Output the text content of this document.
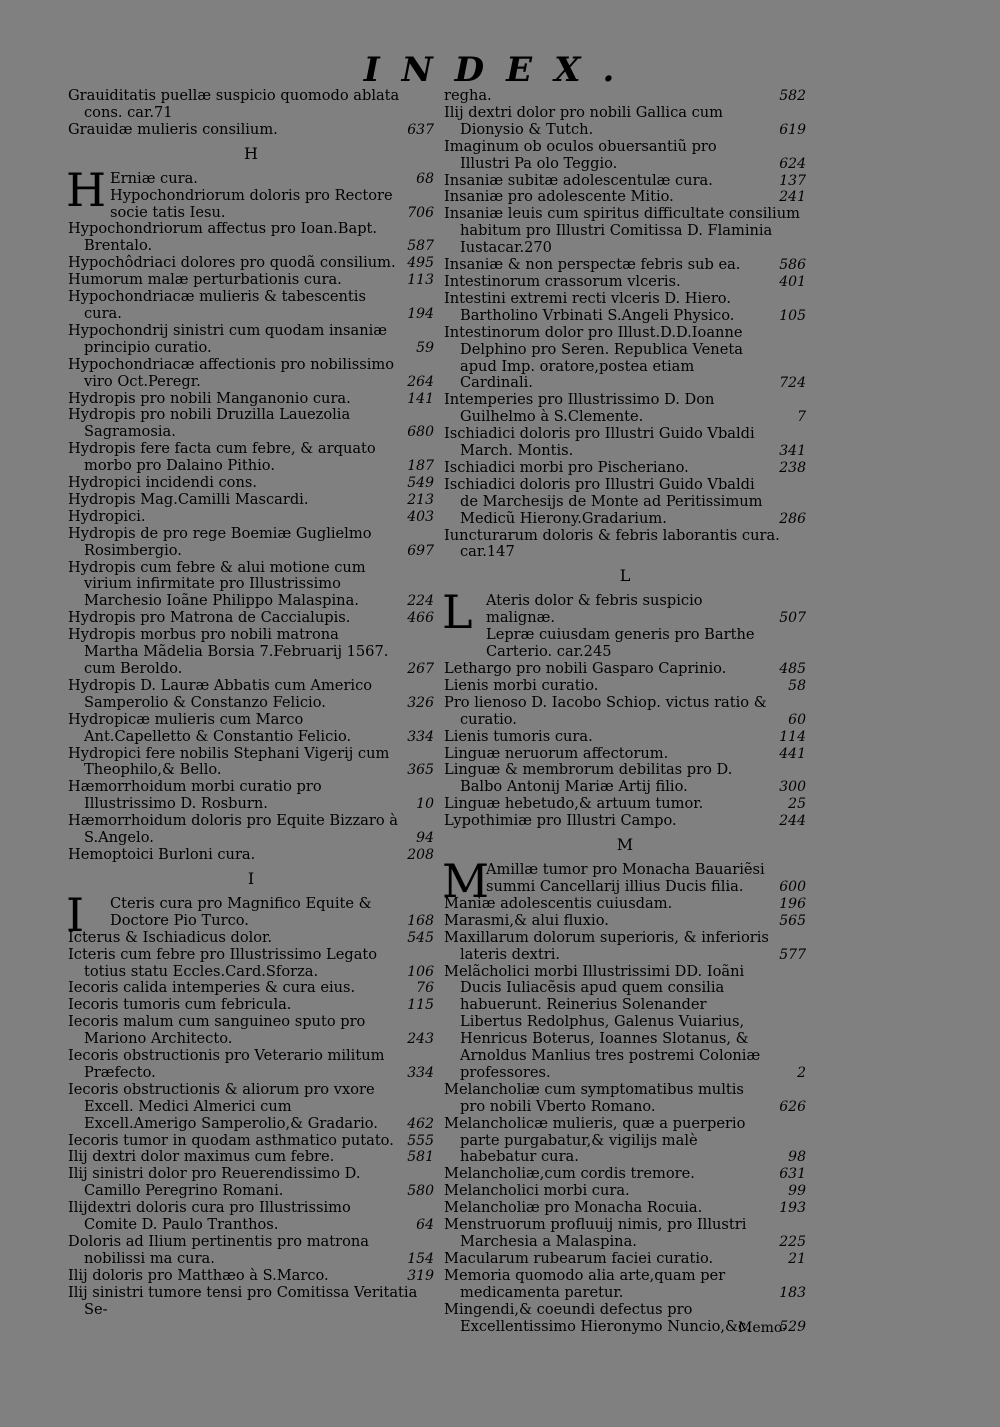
INDEX.
Grauiditatis puellæ suspicio quomodo ablata cons. car.71
Grauidæ mulieris consilium.	637
H
H Erniæ cura.	68
Hypochondriorum doloris pro Rectore socie tatis Iesu.	706
Hypochondriorum affectus pro Ioan.Bapt. Brentalo.	587
Hypochôdriaci dolores pro quodã consilium. 495
Humorum malæ perturbationis cura.	113
Hypochondriacæ mulieris & tabescentis cura.	194
Hypochondrij sinistri cum quodam insaniæ principio curatio.	59
Hypochondriacæ affectionis pro nobilissimo viro Oct.Peregr.	264
Hydropis pro nobili Manganonio cura.	141
Hydropis pro nobili Druzilla Lauezolia Sagramosia.	680
Hydropis fere facta cum febre, & arquato morbo pro Dalaino Pithio.	187
Hydropici incidendi cons.	549
Hydropis Mag.Camilli Mascardi.	213
Hydropici.	403
Hydropis de pro rege Boemiæ Guglielmo Rosimbergio.	697
Hydropis cum febre & alui motione cum virium infirmitate pro Illustrissimo Marchesio Ioãne Philippo Malaspina.	224
Hydropis pro Matrona de Caccialupis.	466
Hydropis morbus pro nobili matrona Martha Mãdelia Borsia 7.Februarij 1567. cum Beroldo.	267
Hydropis D. Lauræ Abbatis cum Americo Samperolio & Constanzo Felicio.	326
Hydropicæ mulieris cum Marco Ant.Capelletto & Constantio Felicio.	334
Hydropici fere nobilis Stephani Vigerij cum Theophilo,& Bello.	365
Hæmorrhoidum morbi curatio pro Illustrissimo D. Rosburn.	10
Hæmorrhoidum doloris pro Equite Bizzaro à S.Angelo.	94
Hemoptoici Burloni cura.	208
I
I	Cteris cura pro Magnifico Equite & Doctore Pio Turco.	168
Icterus & Ischiadicus dolor.	545
Icteris cum febre pro Illustrissimo Legato totius statu Eccles.Card.Sforza.	106
Iecoris calida intemperies & cura eius.	76
Iecoris tumoris cum febricula.	115
Iecoris malum cum sanguineo sputo pro Mariono Architecto.	243
Iecoris obstructionis pro Veterario militum Præfecto.	334
Iecoris obstructionis & aliorum pro vxore Excell. Medici Almerici cum Excell.Amerigo Samperolio,& Gradario. 462
Iecoris tumor in quodam asthmatico putato. 555
Ilij dextri dolor maximus cum febre.	581
Ilij sinistri dolor pro Reuerendissimo D. Camillo Peregrino Romani.	580
Ilijdextri doloris cura pro Illustrissimo Comite D. Paulo Tranthos.	64
Doloris ad Ilium pertinentis pro matrona nobilissi ma cura.	154
Ilij doloris pro Matthæo à S.Marco.	319
Ilij sinistri tumore tensi pro Comitissa Veritatia Se-
regha.	582
Ilij dextri dolor pro nobili Gallica cum Dionysio & Tutch.	619
Imaginum ob oculos obuersantiũ pro Illustri Pa olo Teggio.	624
Insaniæ subitæ adolescentulæ cura.	137
Insaniæ pro adolescente Mitio.	241
Insaniæ leuis cum spiritus difficultate consilium habitum pro Illustri Comitissa D. Flaminia Iustacar.270
Insaniæ & non perspectæ febris sub ea.	586
Intestinorum crassorum vlceris.	401
Intestini extremi recti vlceris D. Hiero. Bartholino Vrbinati S.Angeli Physico.	105
Intestinorum dolor pro Illust.D.D.Ioanne Delphino pro Seren. Republica Veneta apud Imp. oratore,postea etiam Cardinali.	724
Intemperies pro Illustrissimo D. Don Guilhelmo à S.Clemente.	7
Ischiadici doloris pro Illustri Guido Vbaldi March. Montis.	341
Ischiadici morbi pro Pischeriano.	238
Ischiadici doloris pro Illustri Guido Vbaldi de Marchesijs de Monte ad Peritissimum Medicũ Hierony.Gradarium.	286
Iuncturarum doloris & febris laborantis cura. car.147
L
L Ateris dolor & febris suspicio malignæ.	507
Lepræ cuiusdam generis pro Barthe Carterio. car.245
Lethargo pro nobili Gasparo Caprinio.	485
Lienis morbi curatio.	58
Pro lienoso D. Iacobo Schiop. victus ratio & curatio.	60
Lienis tumoris cura.	114
Linguæ neruorum affectorum.	441
Linguæ & membrorum debilitas pro D. Balbo Antonij Mariæ Artij filio.	300
Linguæ hebetudo,& artuum tumor.	25
Lypothimiæ pro Illustri Campo.	244
M
M
Amillæ tumor pro Monacha Bauariẽsi summi Cancellarij illius Ducis filia.	600
Maniæ adolescentis cuiusdam.	196
Marasmi,& alui fluxio.	565
Maxillarum dolorum superioris, & inferioris lateris dextri.	577
Melãcholici morbi Illustrissimi DD. Ioãni Ducis Iuliacẽsis apud quem consilia habuerunt. Reinerius Solenander Libertus Redolphus, Galenus Vuiarius, Henricus Boterus, Ioannes Slotanus, & Arnoldus Manlius tres postremi Coloniæ professores.	2
Melancholiæ cum symptomatibus multis pro nobili Vberto Romano.	626
Melancholicæ mulieris, quæ a puerperio parte purgabatur,& vigilijs malè habebatur cura.	98
Melancholiæ,cum cordis tremore.	631
Melancholici morbi cura.	99
Melancholiæ pro Monacha Rocuia.	193
Menstruorum profluuij nimis, pro Illustri Marchesia a Malaspina.	225
Macularum rubearum faciei curatio.	21
Memoria quomodo alia arte,quam per medicamenta paretur.	183
Mingendi,& coeundi defectus pro Excellentissimo Hieronymo Nuncio,&c. 529
Memo-
